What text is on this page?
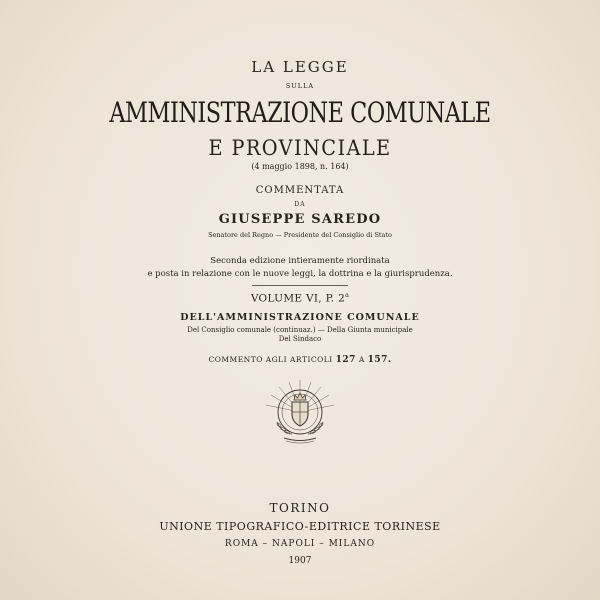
LA LEGGE
SULLA
AMMINISTRAZIONE COMUNALE
E PROVINCIALE
(4 maggio 1898, n. 164)
COMMENTATA
DA
GIUSEPPE SAREDO
Senatore del Regno — Presidente del Consiglio di Stato
Seconda edizione intieramente riordinata
e posta in relazione con le nuove leggi, la dottrina e la giurisprudenza.
VOLUME VI, P. 2$^a$
DELL'AMMINISTRAZIONE COMUNALE
Del Consiglio comunale (continuaz.) — Della Giunta municipale
Del Sindaco
COMMENTO AGLI ARTICOLI 127 A 157.
TORINO
UNIONE TIPOGRAFICO-EDITRICE TORINESE
ROMA – NAPOLI – MILANO
1907
